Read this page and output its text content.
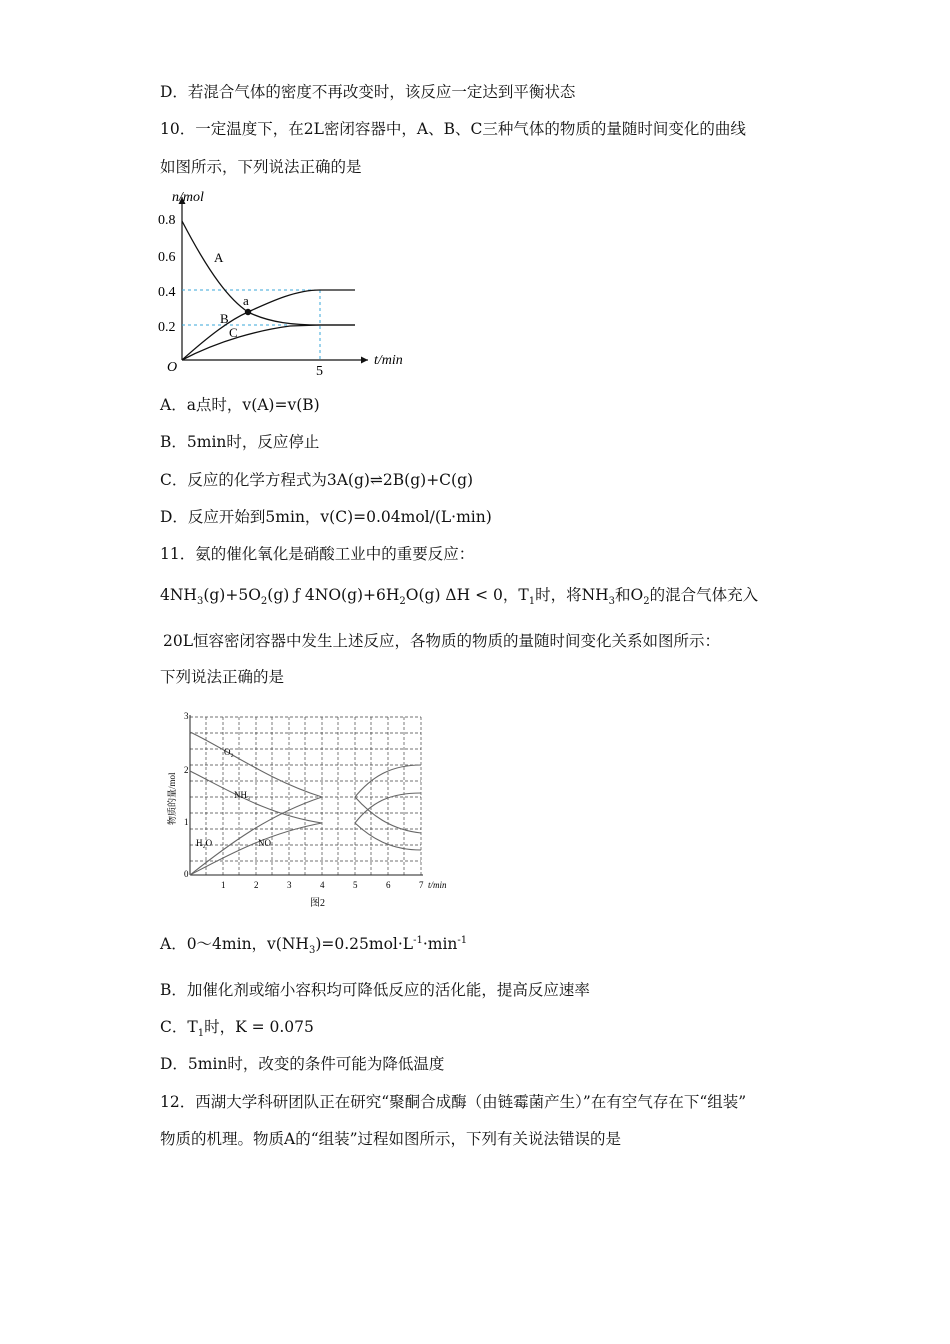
D．若混合气体的密度不再改变时，该反应一定达到平衡状态
10．一定温度下，在2L密闭容器中，A、B、C三种气体的物质的量随时间变化的曲线
如图所示，下列说法正确的是
n/mol
t/min
O
0.8
0.6
0.4
0.2
5
a
A
B
C
A．a点时，v(A)=v(B)
B．5min时，反应停止
C．反应的化学方程式为3A(g)⇌2B(g)+C(g)
D．反应开始到5min，v(C)=0.04mol/(L·min)
11．氨的催化氧化是硝酸工业中的重要反应：
$4NH_3(g)+5O_2(g)$ ƒ $4NO(g)+6H_2O(g) \Delta H < 0$，$T_1$时，将$NH_3$和$O_2$的混合气体充入
20L恒容密闭容器中发生上述反应，各物质的物质的量随时间变化关系如图所示：
下列说法正确的是
0
1
2
3
1	2	3	4	5	6	7 t/min
物质的量/mol
图2
O₂
NH₃
H₂O	NO
A．0～4min，$v(NH_3)=0.25mol\cdot L^{-1}\cdot\min^{-1}$
B．加催化剂或缩小容积均可降低反应的活化能，提高反应速率
C．$T_1$时，K = 0.075
D．5min时，改变的条件可能为降低温度
12．西湖大学科研团队正在研究“聚酮合成酶（由链霉菌产生）”在有空气存在下“组装”
物质的机理。物质A的“组装”过程如图所示，下列有关说法错误的是
